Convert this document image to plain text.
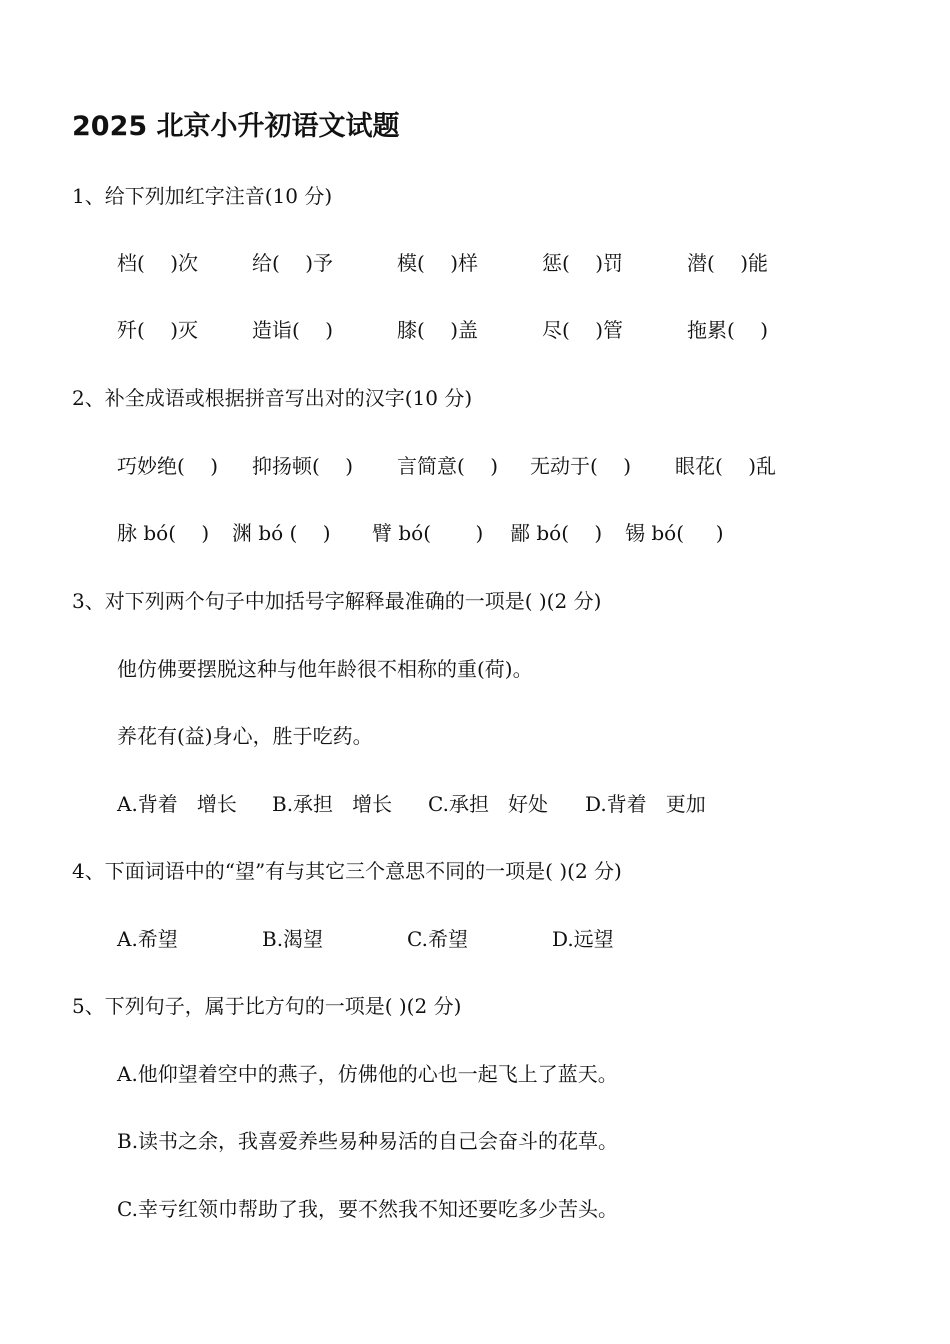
2025 北京小升初语文试题
1、给下列加红字注音(10 分)
档(    )次	给(    )予	模(    )样	惩(    )罚	潜(    )能
歼(    )灭	造诣(    )	膝(    )盖	尽(    )管	拖累(    )
2、补全成语或根据拼音写出对的汉字(10 分)
巧妙绝(    ) 抑扬顿(    ) 言简意(    ) 无动于(    ) 眼花(    )乱
脉 bó(    ) 渊 bó (    ) 臂 bó(       ) 鄙 bó(    ) 锡 bó(     )
3、对下列两个句子中加括号字解释最准确的一项是( )(2 分)
他仿佛要摆脱这种与他年龄很不相称的重(荷)。
养花有(益)身心，胜于吃药。
A.背着   增长 B.承担   增长 C.承担   好处 D.背着   更加
4、下面词语中的“望”有与其它三个意思不同的一项是( )(2 分)
A.希望	B.渴望	C.希望	D.远望
5、下列句子，属于比方句的一项是( )(2 分)
A.他仰望着空中的燕子，仿佛他的心也一起飞上了蓝天。
B.读书之余，我喜爱养些易种易活的自己会奋斗的花草。
C.幸亏红领巾帮助了我，要不然我不知还要吃多少苦头。
